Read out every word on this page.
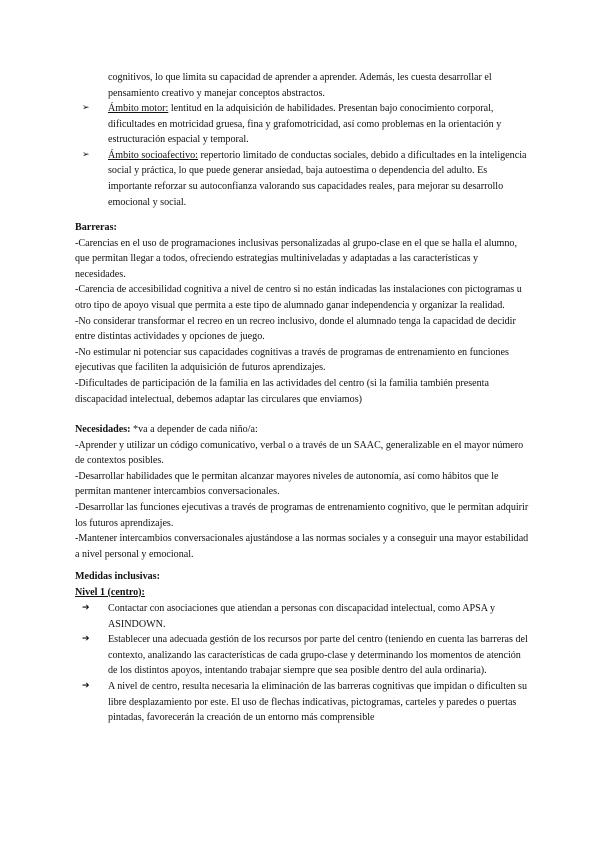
cognitivos, lo que limita su capacidad de aprender a aprender. Además, les cuesta desarrollar el pensamiento creativo y manejar conceptos abstractos.

➢	Ámbito motor: lentitud en la adquisición de habilidades. Presentan bajo conocimiento corporal, dificultades en motricidad gruesa, fina y grafomotricidad, así como problemas en la orientación y estructuración espacial y temporal.

➢	Ámbito socioafectivo: repertorio limitado de conductas sociales, debido a dificultades en la inteligencia social y práctica, lo que puede generar ansiedad, baja autoestima o dependencia del adulto. Es importante reforzar su autoconfianza valorando sus capacidades reales, para mejorar su desarrollo emocional y social.

Barreras:

-Carencias en el uso de programaciones inclusivas personalizadas al grupo-clase en el que se halla el alumno, que permitan llegar a todos, ofreciendo estrategias multiniveladas y adaptadas a las características y necesidades.

-Carencia de accesibilidad cognitiva a nivel de centro si no están indicadas las instalaciones con pictogramas u otro tipo de apoyo visual que permita a este tipo de alumnado ganar independencia y organizar la realidad.

-No considerar transformar el recreo en un recreo inclusivo, donde el alumnado tenga la capacidad de decidir entre distintas actividades y opciones de juego.

-No estimular ni potenciar sus capacidades cognitivas a través de programas de entrenamiento en funciones ejecutivas que faciliten la adquisición de futuros aprendizajes.

-Dificultades de participación de la familia en las actividades del centro (si la familia también presenta discapacidad intelectual, debemos adaptar las circulares que enviamos)

Necesidades: *va a depender de cada niño/a:

-Aprender y utilizar un código comunicativo, verbal o a través de un SAAC, generalizable en el mayor número de contextos posibles.

-Desarrollar habilidades que le permitan alcanzar mayores niveles de autonomía, así como hábitos que le permitan mantener intercambios conversacionales.

-Desarrollar las funciones ejecutivas a través de programas de entrenamiento cognitivo, que le permitan adquirir los futuros aprendizajes.

-Mantener intercambios conversacionales ajustándose a las normas sociales y a conseguir una mayor estabilidad a nivel personal y emocional.

Medidas inclusivas:

Nivel 1 (centro):

➔	Contactar con asociaciones que atiendan a personas con discapacidad intelectual, como APSA y ASINDOWN.

➔	Establecer una adecuada gestión de los recursos por parte del centro (teniendo en cuenta las barreras del contexto, analizando las características de cada grupo-clase y determinando los momentos de atención de los distintos apoyos, intentando trabajar siempre que sea posible dentro del aula ordinaria).

➔	A nivel de centro, resulta necesaria la eliminación de las barreras cognitivas que impidan o dificulten su libre desplazamiento por este. El uso de flechas indicativas, pictogramas, carteles y paredes o puertas pintadas, favorecerán la creación de un entorno más comprensible
